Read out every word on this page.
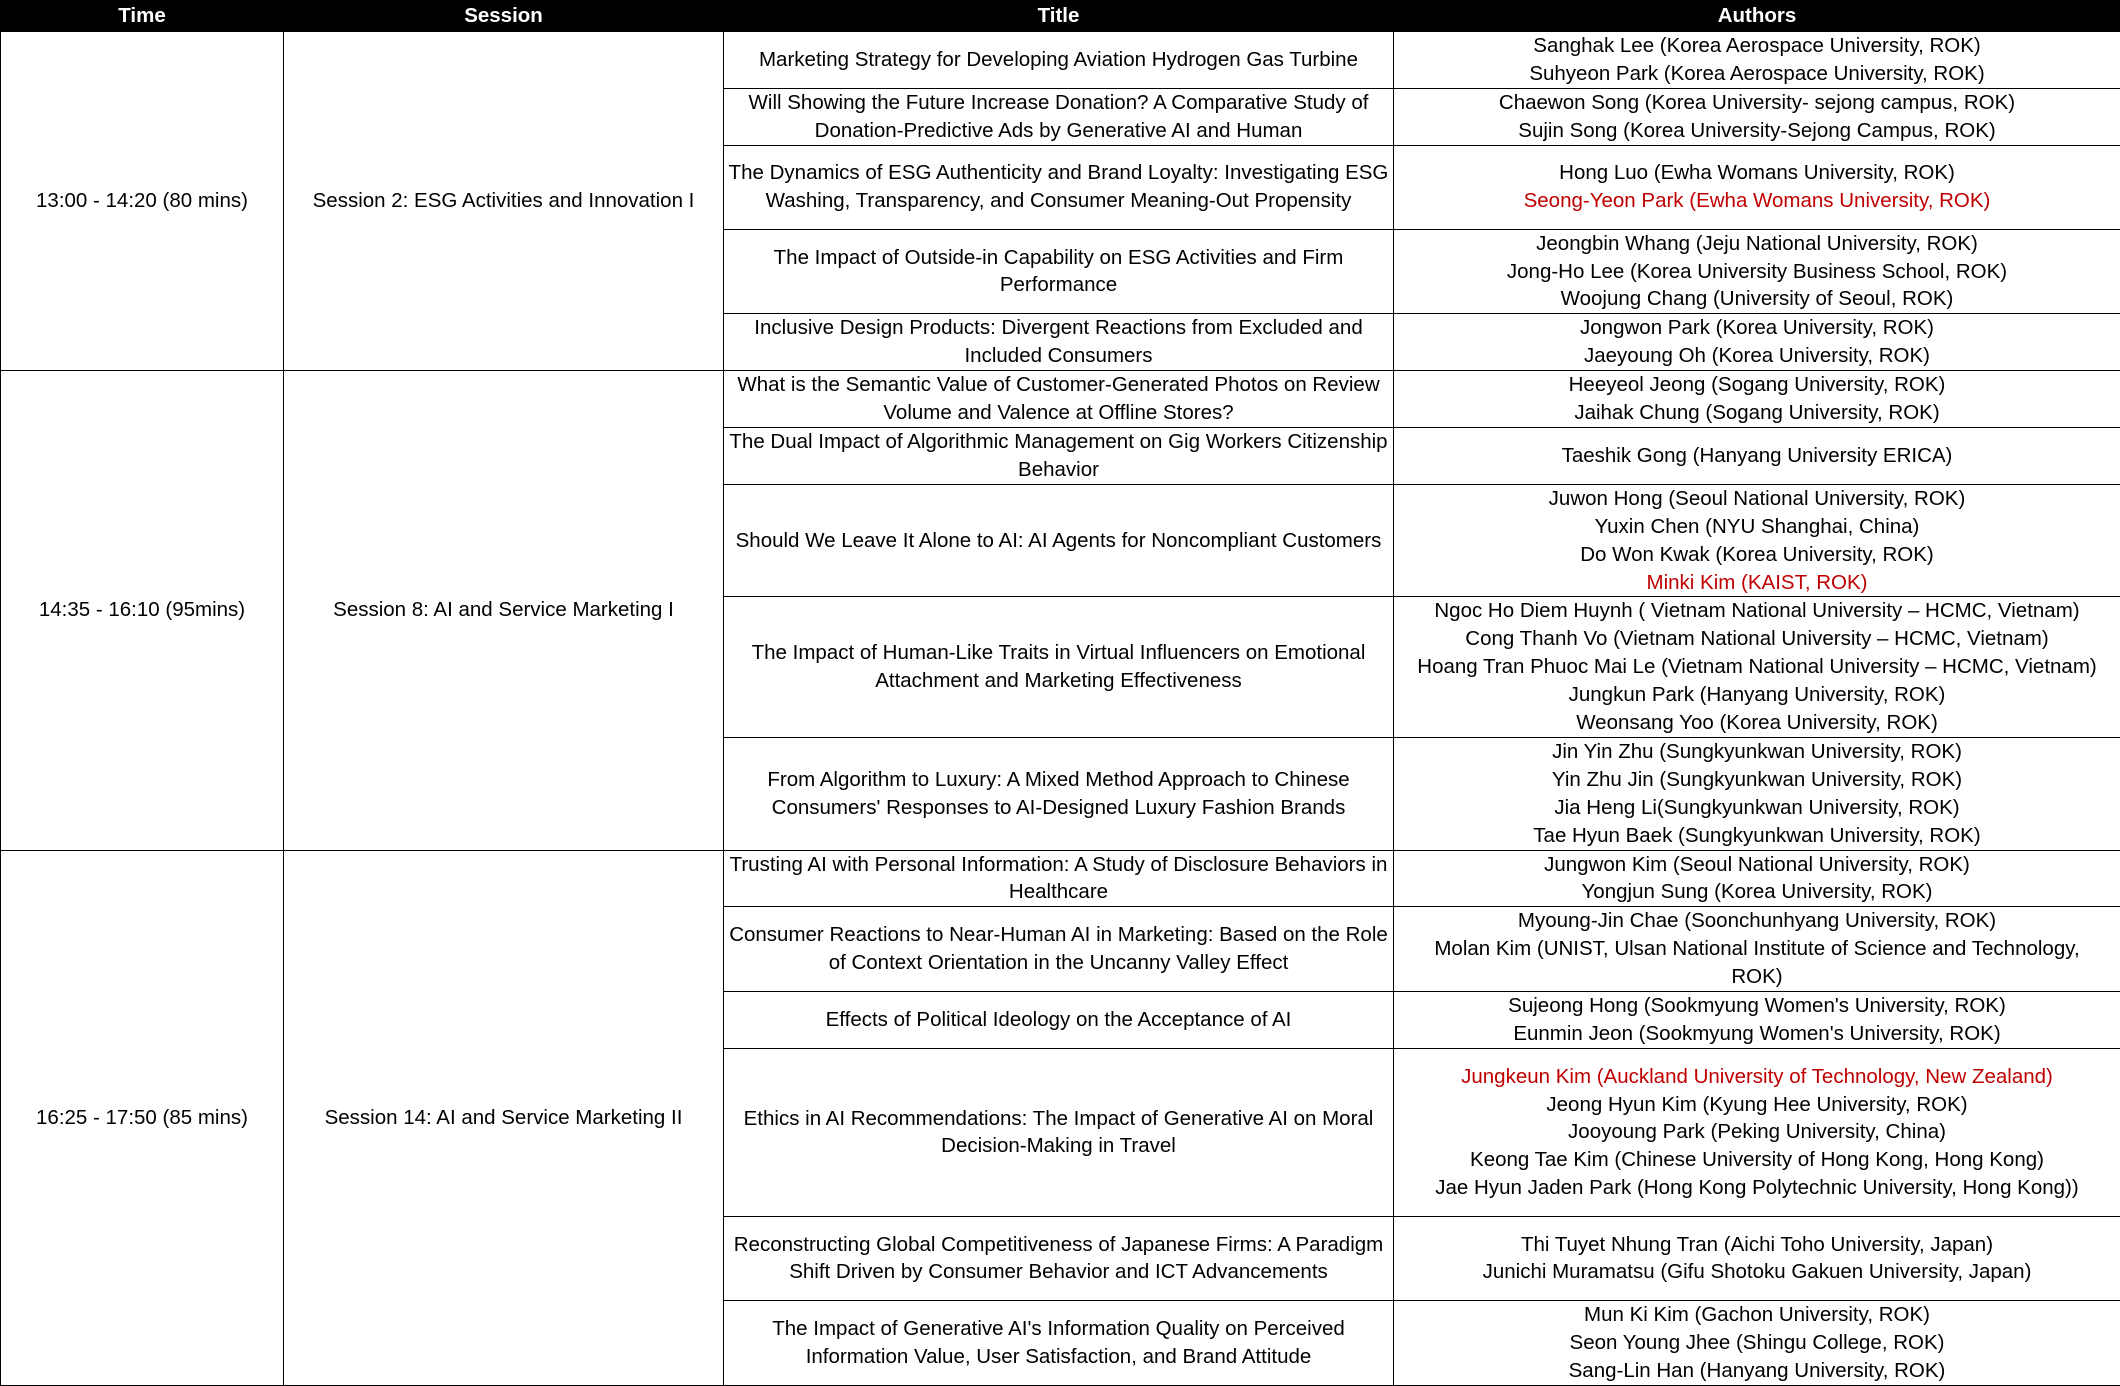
Time	Session	Title	Authors
13:00 - 14:20 (80 mins)	Session 2: ESG Activities and Innovation I	Marketing Strategy for Developing Aviation Hydrogen Gas Turbine	Sanghak Lee (Korea Aerospace University, ROK)
Suhyeon Park (Korea Aerospace University, ROK)

		Will Showing the Future Increase Donation? A Comparative Study of Donation-Predictive Ads by Generative AI and Human	Chaewon Song (Korea University- sejong campus, ROK)
Sujin Song (Korea University-Sejong Campus, ROK)

		The Dynamics of ESG Authenticity and Brand Loyalty: Investigating ESG Washing, Transparency, and Consumer Meaning-Out Propensity	Hong Luo (Ewha Womans University, ROK)
Seong-Yeon Park (Ewha Womans University, ROK)

		The Impact of Outside-in Capability on ESG Activities and Firm Performance	Jeongbin Whang (Jeju National University, ROK)
Jong-Ho Lee (Korea University Business School, ROK)
Woojung Chang (University of Seoul, ROK)

		Inclusive Design Products: Divergent Reactions from Excluded and Included Consumers	Jongwon Park (Korea University, ROK)
Jaeyoung Oh (Korea University, ROK)

14:35 - 16:10 (95mins)	Session 8: AI and Service Marketing I	What is the Semantic Value of Customer-Generated Photos on Review Volume and Valence at Offline Stores?	Heeyeol Jeong (Sogang University, ROK)
Jaihak Chung (Sogang University, ROK)

		The Dual Impact of Algorithmic Management on Gig Workers Citizenship Behavior	Taeshik Gong (Hanyang University ERICA)

		Should We Leave It Alone to AI: AI Agents for Noncompliant Customers	Juwon Hong (Seoul National University, ROK)
Yuxin Chen (NYU Shanghai, China)
Do Won Kwak (Korea University, ROK)
Minki Kim (KAIST, ROK)

		The Impact of Human-Like Traits in Virtual Influencers on Emotional Attachment and Marketing Effectiveness	Ngoc Ho Diem Huynh ( Vietnam National University – HCMC, Vietnam)
Cong Thanh Vo (Vietnam National University – HCMC, Vietnam)
Hoang Tran Phuoc Mai Le (Vietnam National University – HCMC, Vietnam)
Jungkun Park (Hanyang University, ROK)
Weonsang Yoo (Korea University, ROK)

		From Algorithm to Luxury: A Mixed Method Approach to Chinese Consumers' Responses to AI-Designed Luxury Fashion Brands	Jin Yin Zhu (Sungkyunkwan University, ROK)
Yin Zhu Jin (Sungkyunkwan University, ROK)
Jia Heng Li(Sungkyunkwan University, ROK)
Tae Hyun Baek (Sungkyunkwan University, ROK)

16:25 - 17:50 (85 mins)	Session 14: AI and Service Marketing II	Trusting AI with Personal Information: A Study of Disclosure Behaviors in Healthcare	Jungwon Kim (Seoul National University, ROK)
Yongjun Sung (Korea University, ROK)

		Consumer Reactions to Near-Human AI in Marketing: Based on the Role of Context Orientation in the Uncanny Valley Effect	Myoung-Jin Chae (Soonchunhyang University, ROK)
Molan Kim (UNIST, Ulsan National Institute of Science and Technology,
ROK)

		Effects of Political Ideology on the Acceptance of AI	Sujeong Hong (Sookmyung Women's University, ROK)
Eunmin Jeon (Sookmyung Women's University, ROK)

		Ethics in AI Recommendations: The Impact of Generative AI on Moral Decision-Making in Travel	Jungkeun Kim (Auckland University of Technology, New Zealand)
Jeong Hyun Kim (Kyung Hee University, ROK)
Jooyoung Park (Peking University, China)
Keong Tae Kim (Chinese University of Hong Kong, Hong Kong)
Jae Hyun Jaden Park (Hong Kong Polytechnic University, Hong Kong))

		Reconstructing Global Competitiveness of Japanese Firms: A Paradigm Shift Driven by Consumer Behavior and ICT Advancements	Thi Tuyet Nhung Tran (Aichi Toho University, Japan)
Junichi Muramatsu (Gifu Shotoku Gakuen University, Japan)

		The Impact of Generative AI's Information Quality on Perceived Information Value, User Satisfaction, and Brand Attitude	Mun Ki Kim (Gachon University, ROK)
Seon Young Jhee (Shingu College, ROK)
Sang-Lin Han (Hanyang University, ROK)
